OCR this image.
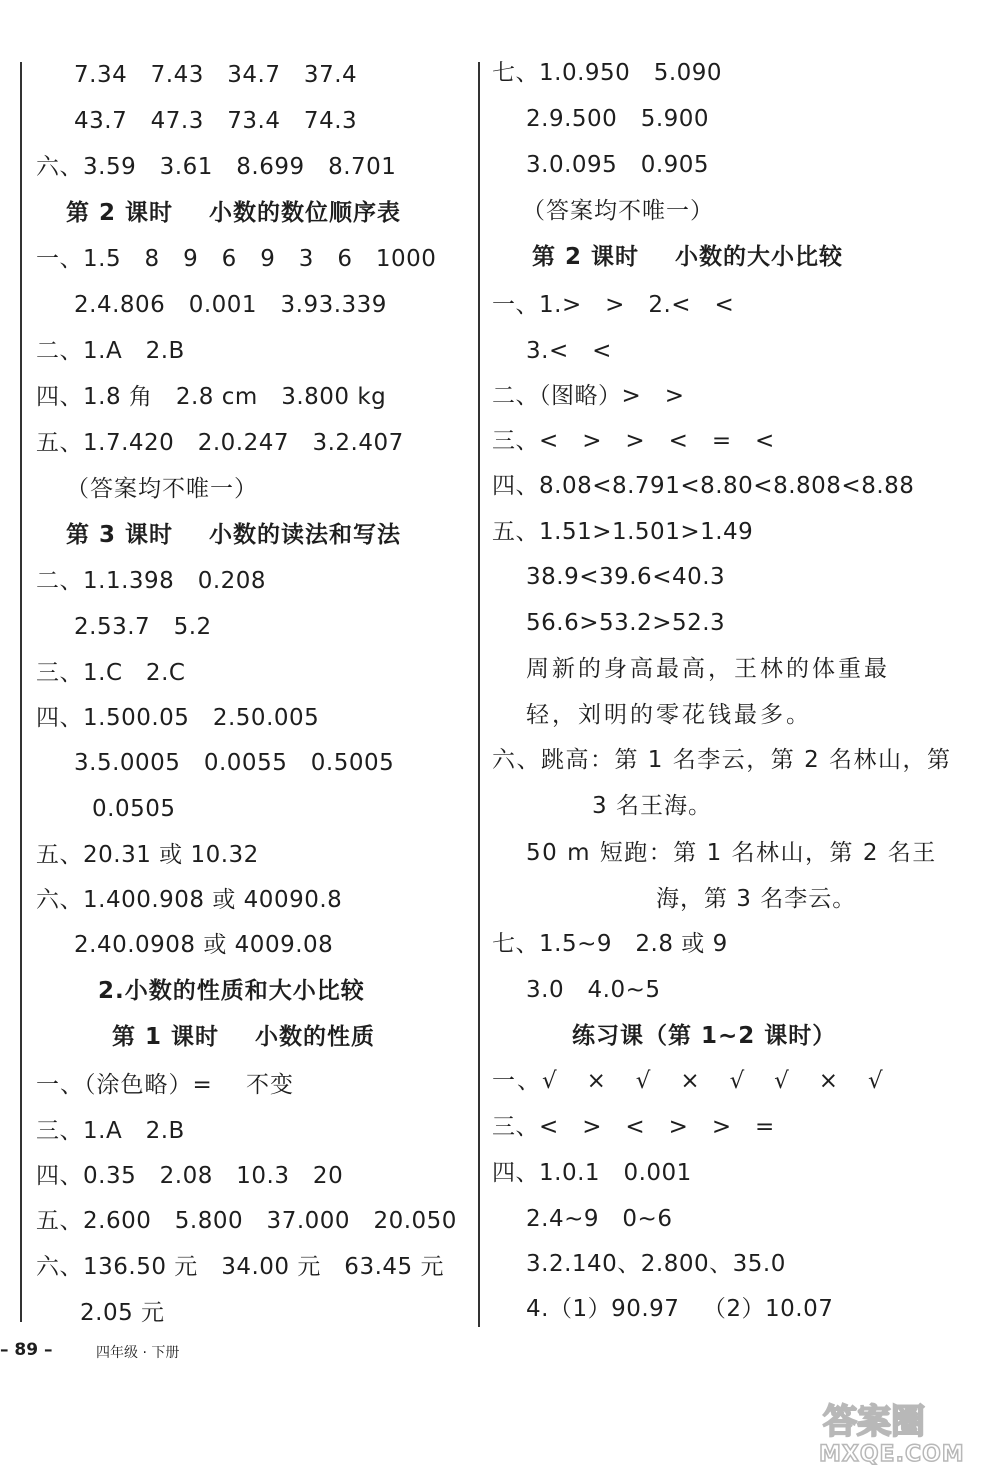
7.34   7.43   34.7   37.4
43.7   47.3   73.4   74.3
六、3.59   3.61   8.699   8.701
第 2 课时    小数的数位顺序表
一、1.5   8   9   6   9   3   6   1000
2.4.806   0.001   3.93.339
二、1.A   2.B
四、1.8 角   2.8 cm   3.800 kg
五、1.7.420   2.0.247   3.2.407
（答案均不唯一）
第 3 课时    小数的读法和写法
二、1.1.398   0.208
2.53.7   5.2
三、1.C   2.C
四、1.500.05   2.50.005
3.5.0005   0.0055   0.5005
0.0505
五、20.31 或 10.32
六、1.400.908 或 40090.8
2.40.0908 或 4009.08
2.小数的性质和大小比较
第 1 课时    小数的性质
一、（涂色略）=    不变
三、1.A   2.B
四、0.35   2.08   10.3   20
五、2.600   5.800   37.000   20.050
六、136.50 元   34.00 元   63.45 元
2.05 元
七、1.0.950   5.090
2.9.500   5.900
3.0.095   0.905
（答案均不唯一）
第 2 课时    小数的大小比较
一、1.>   >   2.<   <
3.<   <
二、（图略）>   >
三、<   >   >   <   =   <
四、8.08<8.791<8.80<8.808<8.88
五、1.51>1.501>1.49
38.9<39.6<40.3
56.6>53.2>52.3
周新的身高最高，王林的体重最
轻，刘明的零花钱最多。
六、跳高：第 1 名李云，第 2 名林山，第
3 名王海。
50 m 短跑：第 1 名林山，第 2 名王
海，第 3 名李云。
七、1.5~9   2.8 或 9
3.0   4.0~5
练习课（第 1~2 课时）
一、√   ×   √   ×   √   √   ×   √
三、<   >   <   >   >   =
四、1.0.1   0.001
2.4~9   0~6
3.2.140、2.800、35.0
4.（1）90.97   （2）10.07
– 89 –	四年级 · 下册
答案圈
MXQE.COM
